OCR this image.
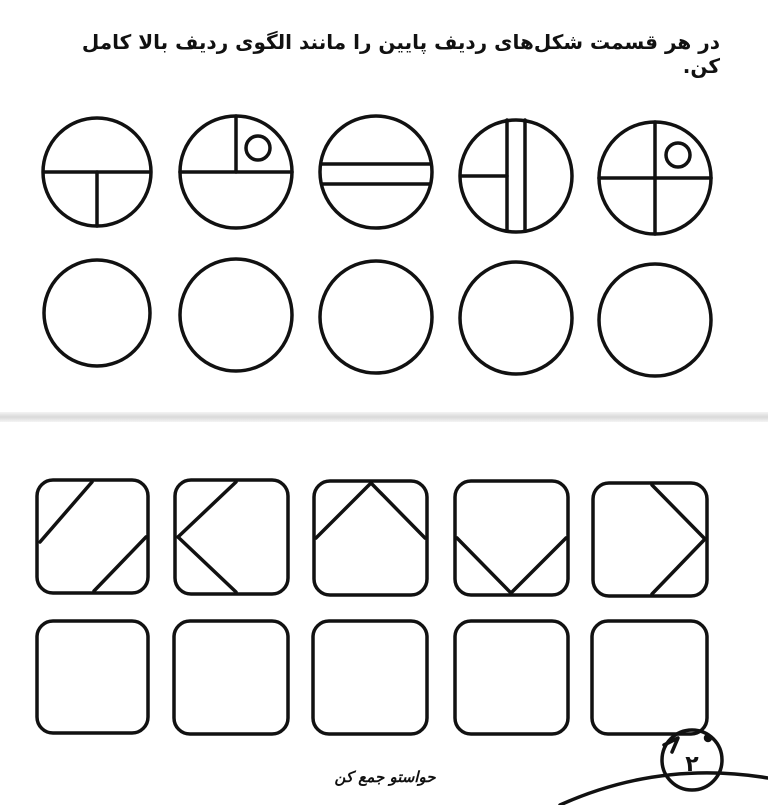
در هر قسمت شکل‌های ردیف پایین را مانند الگوی ردیف بالا کامل کن.
۲
حواستو جمع کن
